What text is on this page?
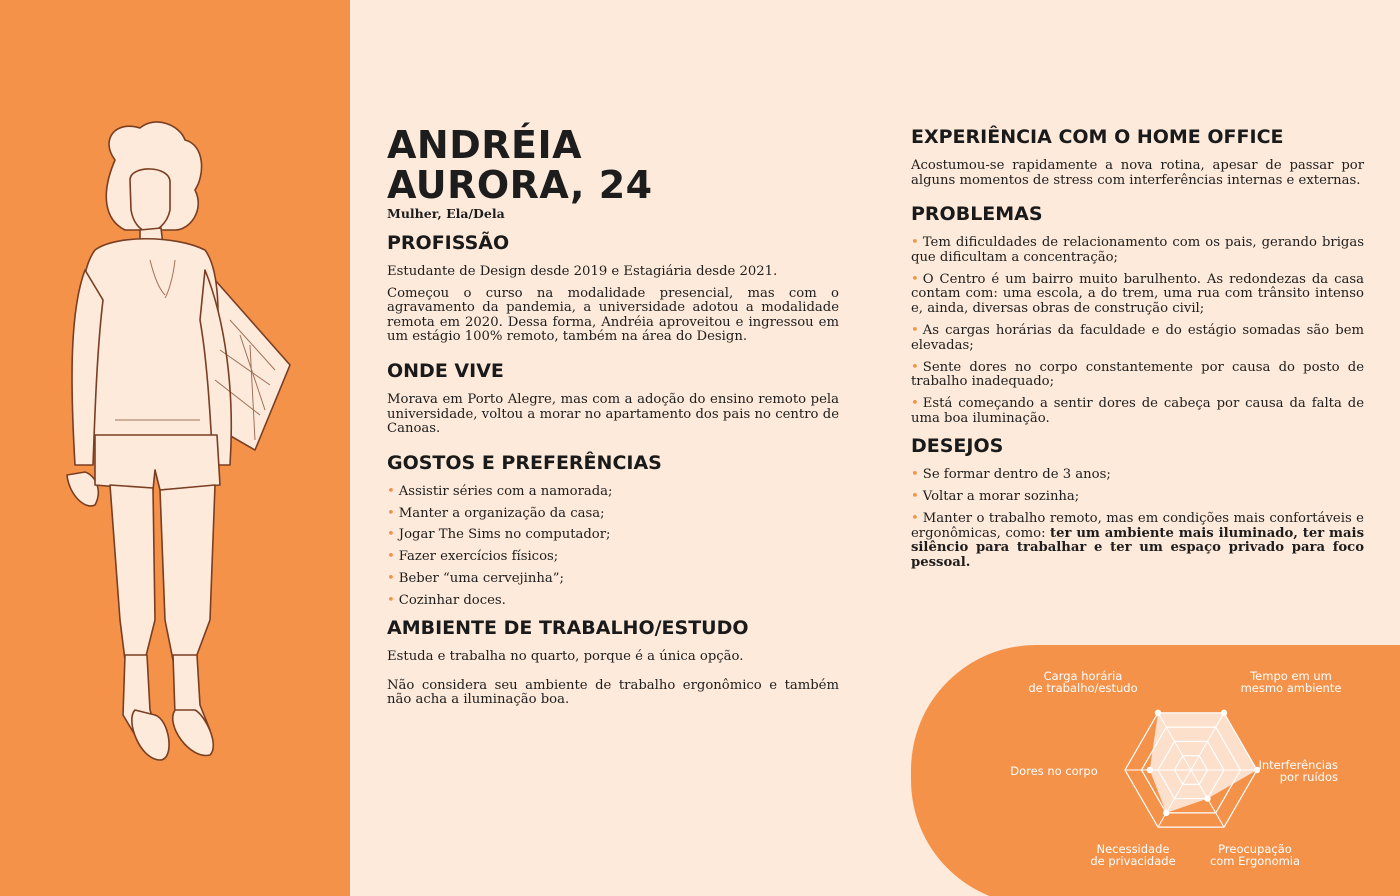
ANDRÉIA
AURORA, 24
Mulher, Ela/Dela
PROFISSÃO

Estudante de Design desde 2019 e Estagiária desde 2021.

Começou o curso na modalidade presencial, mas com o agravamento da pandemia, a universidade adotou a modalidade remota em 2020. Dessa forma, Andréia aproveitou e ingressou em um estágio 100% remoto, também na área do Design.

ONDE VIVE

Morava em Porto Alegre, mas com a adoção do ensino remoto pela universidade, voltou a morar no apartamento dos pais no centro de Canoas.

GOSTOS E PREFERÊNCIAS
• Assistir séries com a namorada;
• Manter a organização da casa;
• Jogar The Sims no computador;
• Fazer exercícios físicos;
• Beber “uma cervejinha”;
• Cozinhar doces.
AMBIENTE DE TRABALHO/ESTUDO

Estuda e trabalha no quarto, porque é a única opção.

Não considera seu ambiente de trabalho ergonômico e também não acha a iluminação boa.

EXPERIÊNCIA COM O HOME OFFICE

Acostumou-se rapidamente a nova rotina, apesar de passar por alguns momentos de stress com interferências internas e externas.

PROBLEMAS
• Tem dificuldades de relacionamento com os pais, gerando brigas que dificultam a concentração;
• O Centro é um bairro muito barulhento. As redondezas da casa contam com: uma escola, a do trem, uma rua com trânsito intenso e, ainda, diversas obras de construção civil;
• As cargas horárias da faculdade e do estágio somadas são bem elevadas;
• Sente dores no corpo constantemente por causa do posto de trabalho inadequado;
• Está começando a sentir dores de cabeça por causa da falta de uma boa iluminação.
DESEJOS
• Se formar dentro de 3 anos;
• Voltar a morar sozinha;
• Manter o trabalho remoto, mas em condições mais confortáveis e ergonômicas, como: ter um ambiente mais iluminado, ter mais silêncio para trabalhar e ter um espaço privado para foco pessoal.
Carga horária de trabalho/estudo
Tempo em um mesmo ambiente
Interferências por ruídos
Preocupação com Ergonomia
Necessidade de privacidade
Dores no corpo
